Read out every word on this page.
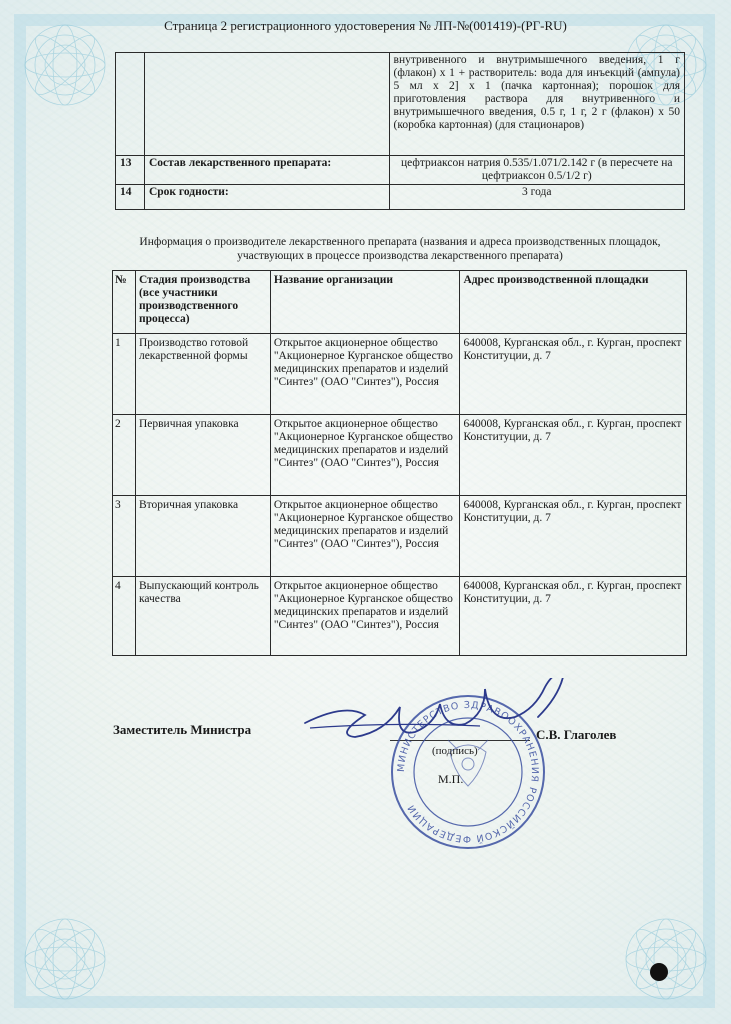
Страница 2 регистрационного удостоверения № ЛП-№(001419)-(РГ-RU)
		внутривенного и внутримышечного введения, 1 г (флакон) х 1 + растворитель: вода для инъекций (ампула) 5 мл х 2] х 1 (пачка картонная); порошок для приготовления раствора для внутривенного и внутримышечного введения, 0.5 г, 1 г, 2 г (флакон) х 50 (коробка картонная) (для стационаров)
13	Состав лекарственного препарата:	цефтриаксон натрия 0.535/1.071/2.142 г (в пересчете на цефтриаксон 0.5/1/2 г)
14	Срок годности:	3 года
Информация о производителе лекарственного препарата (названия и адреса производственных площадок, участвующих в процессе производства лекарственного препарата)
№	Стадия производства (все участники производственного процесса)	Название организации	Адрес производственной площадки
1	Производство готовой лекарственной формы	Открытое акционерное общество "Акционерное Курганское общество медицинских препаратов и изделий "Синтез" (ОАО "Синтез"), Россия	640008, Курганская обл., г. Курган, проспект Конституции, д. 7
2	Первичная упаковка	Открытое акционерное общество "Акционерное Курганское общество медицинских препаратов и изделий "Синтез" (ОАО "Синтез"), Россия	640008, Курганская обл., г. Курган, проспект Конституции, д. 7
3	Вторичная упаковка	Открытое акционерное общество "Акционерное Курганское общество медицинских препаратов и изделий "Синтез" (ОАО "Синтез"), Россия	640008, Курганская обл., г. Курган, проспект Конституции, д. 7
4	Выпускающий контроль качества	Открытое акционерное общество "Акционерное Курганское общество медицинских препаратов и изделий "Синтез" (ОАО "Синтез"), Россия	640008, Курганская обл., г. Курган, проспект Конституции, д. 7
Заместитель Министра
МИНИСТЕРСТВО ЗДРАВООХРАНЕНИЯ РОССИЙСКОЙ ФЕДЕРАЦИИ
(подпись)
М.П.
С.В. Глаголев
